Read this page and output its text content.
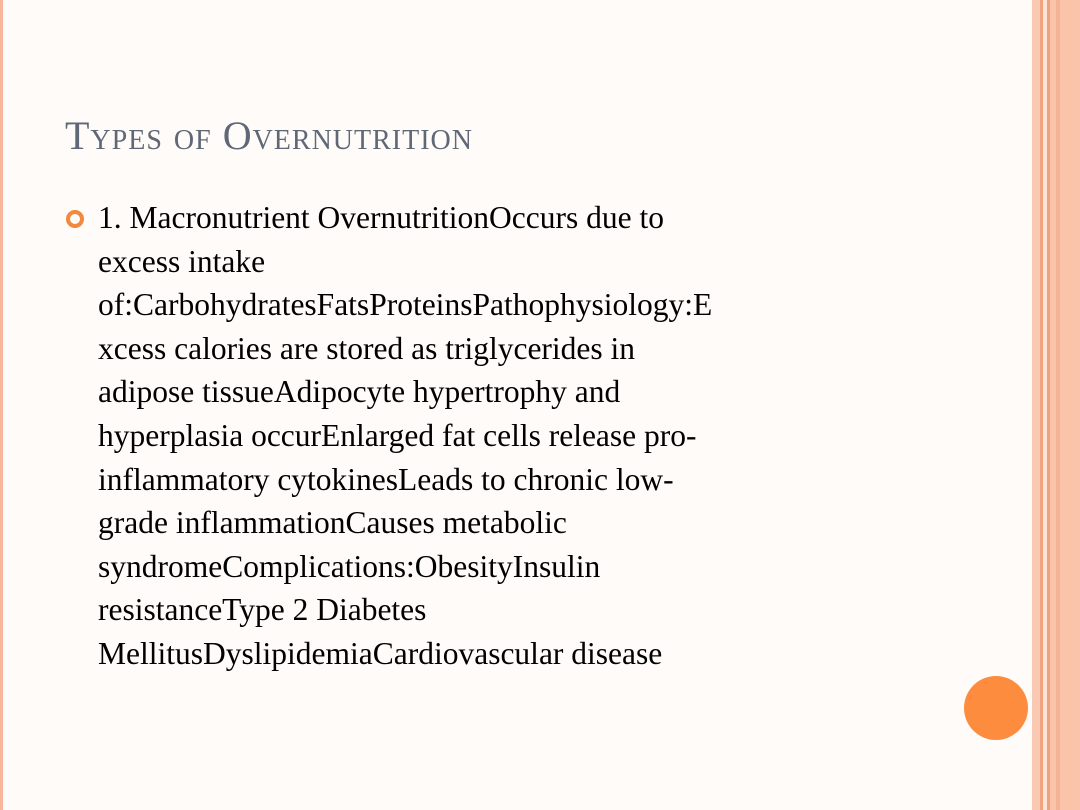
Types of Overnutrition
1. Macronutrient OvernutritionOccurs due to
excess intake
of:CarbohydratesFatsProteinsPathophysiology:E
xcess calories are stored as triglycerides in
adipose tissueAdipocyte hypertrophy and
hyperplasia occurEnlarged fat cells release pro-
inflammatory cytokinesLeads to chronic low-
grade inflammationCauses metabolic
syndromeComplications:ObesityInsulin
resistanceType 2 Diabetes
MellitusDyslipidemiaCardiovascular disease
